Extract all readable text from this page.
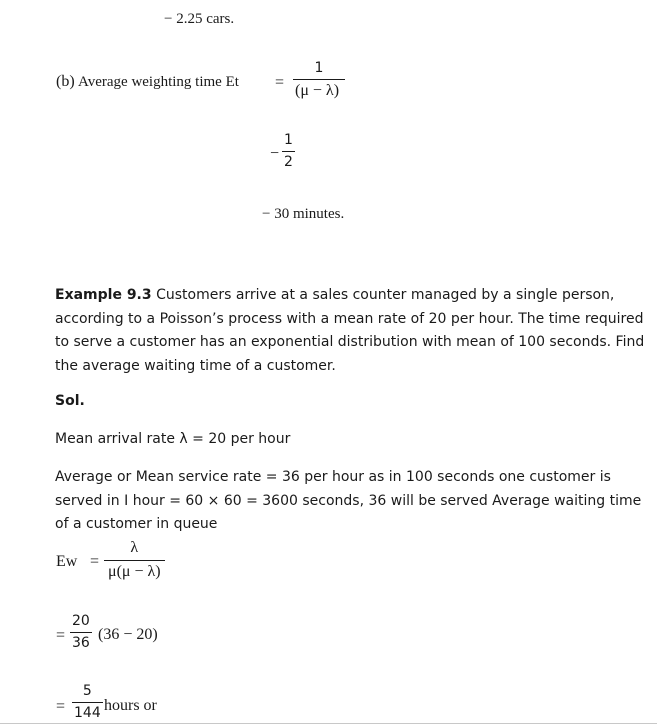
− 2.25 cars.
(b) Average weighting time $Et = \frac{1}{(\mu - \lambda)}$
− $\frac{1}{2}$
− 30 minutes.
Example 9.3 Customers arrive at a sales counter managed by a single person, according to a Poisson’s process with a mean rate of 20 per hour. The time required to serve a customer has an exponential distribution with mean of 100 seconds. Find the average waiting time of a customer.
Sol.
Mean arrival rate λ = 20 per hour
Average or Mean service rate = 36 per hour as in 100 seconds one customer is served in I hour = 60 × 60 = 3600 seconds, 36 will be served Average waiting time of a customer in queue
$Ew = \frac{\lambda}{\mu(\mu - \lambda)}$
= $\frac{20}{36} (36 - 20)$
= $\frac{5}{144}$ hours or
